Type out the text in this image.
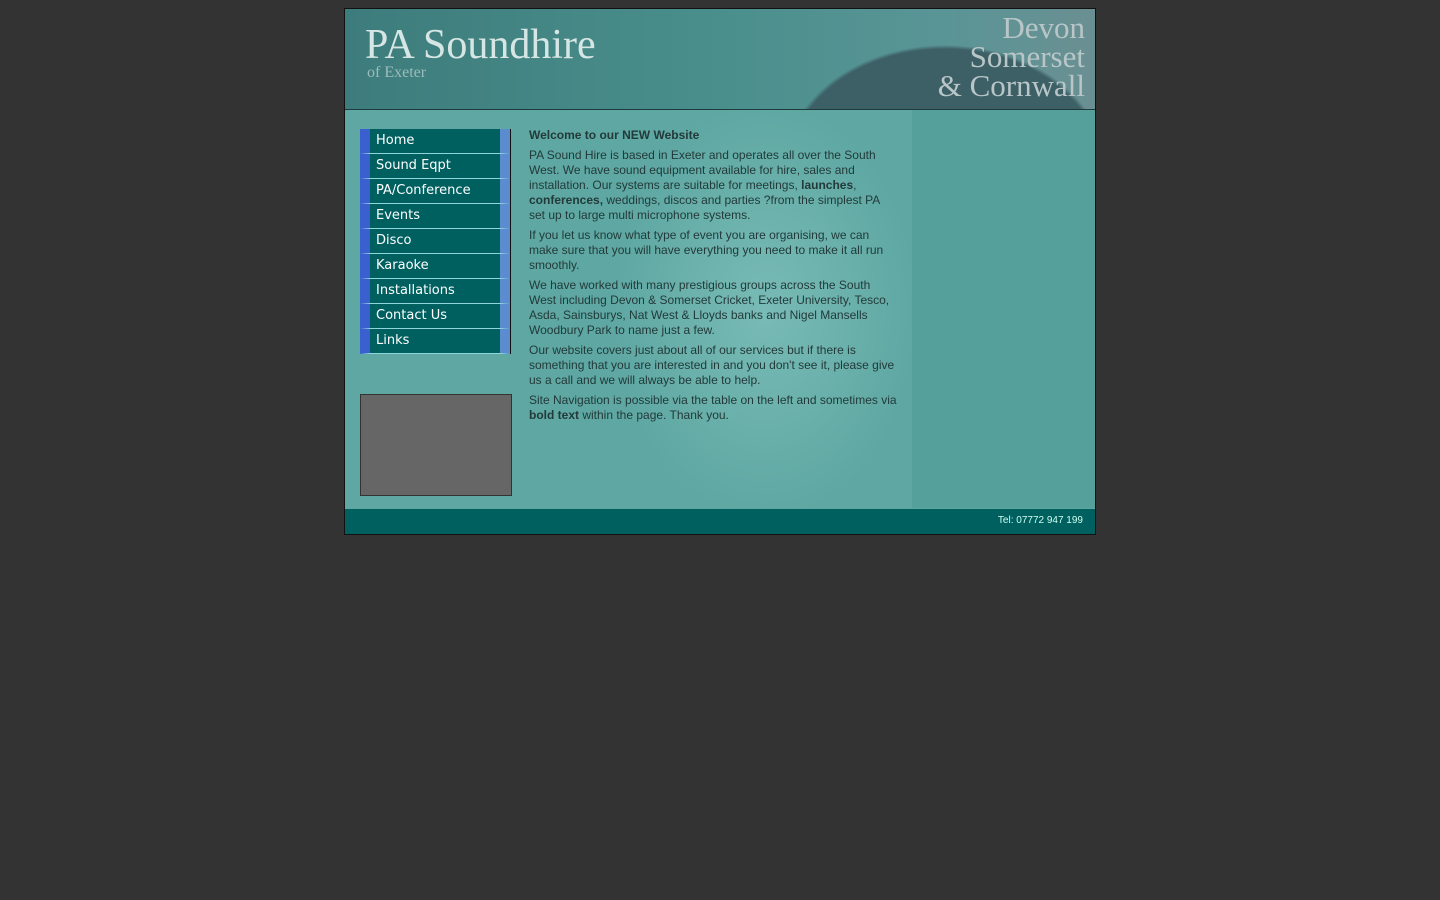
PA Soundhire
of Exeter
Devon
Somerset
& Cornwall
Home
Sound Eqpt
PA/Conference
Events
Disco
Karaoke
Installations
Contact Us
Links
Welcome to our NEW Website

PA Sound Hire is based in Exeter and operates all over the South West. We have sound equipment available for hire, sales and installation. Our systems are suitable for meetings, launches, conferences, weddings, discos and parties ?from the simplest PA set up to large multi microphone systems.

If you let us know what type of event you are organising, we can make sure that you will have everything you need to make it all run smoothly.

We have worked with many prestigious groups across the South West including Devon & Somerset Cricket, Exeter University, Tesco, Asda, Sainsburys, Nat West & Lloyds banks and Nigel Mansells Woodbury Park to name just a few.

Our website covers just about all of our services but if there is something that you are interested in and you don't see it, please give us a call and we will always be able to help.

Site Navigation is possible via the table on the left and sometimes via bold text within the page. Thank you.

Tel: 07772 947 199
